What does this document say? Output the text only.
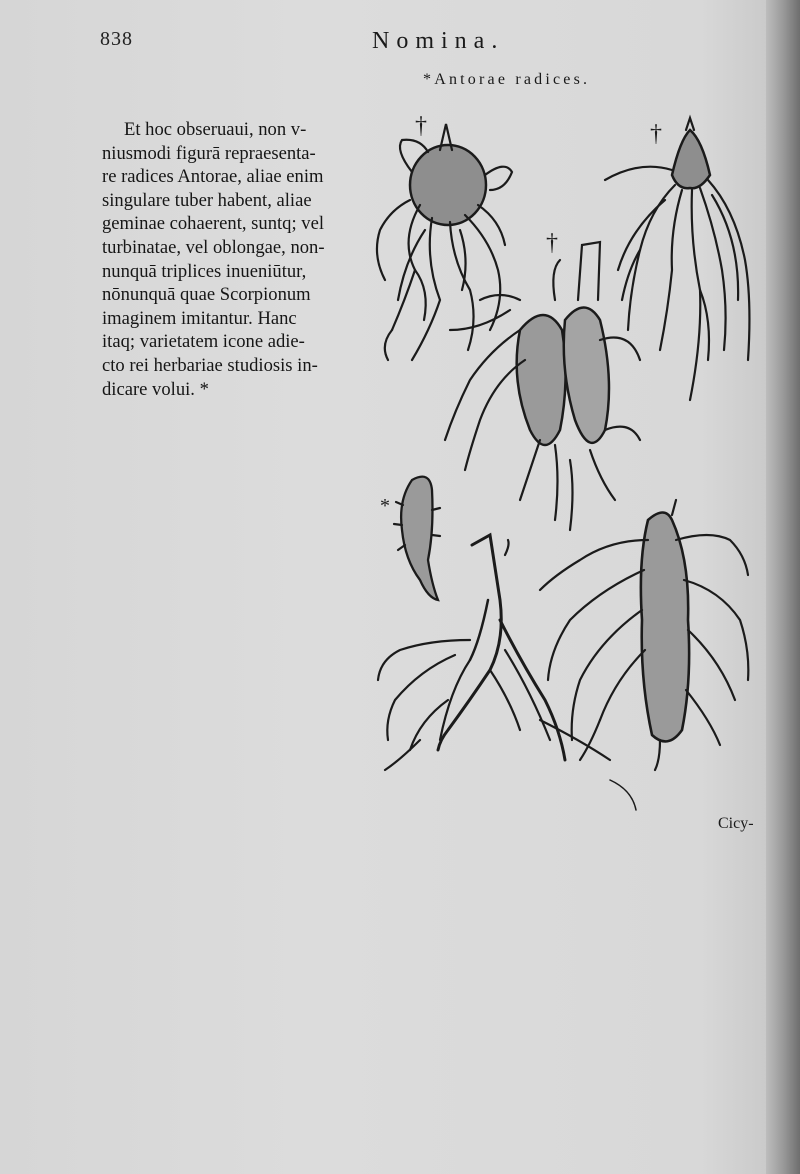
838	Nomina.
*Antorae radices.

Et hoc obseruaui, non v-
niusmodi figurā repraesenta-
re radices Antorae, aliae enim
singulare tuber habent, aliae
geminae cohaerent, suntq; vel
turbinatae, vel oblongae, non-
nunquā triplices inueniūtur,
nōnunquā quae Scorpionum
imaginem imitantur. Hanc
itaq; varietatem icone adie-
cto rei herbariae studiosis in-
dicare volui. *

†	†
†
*
Cicy-
